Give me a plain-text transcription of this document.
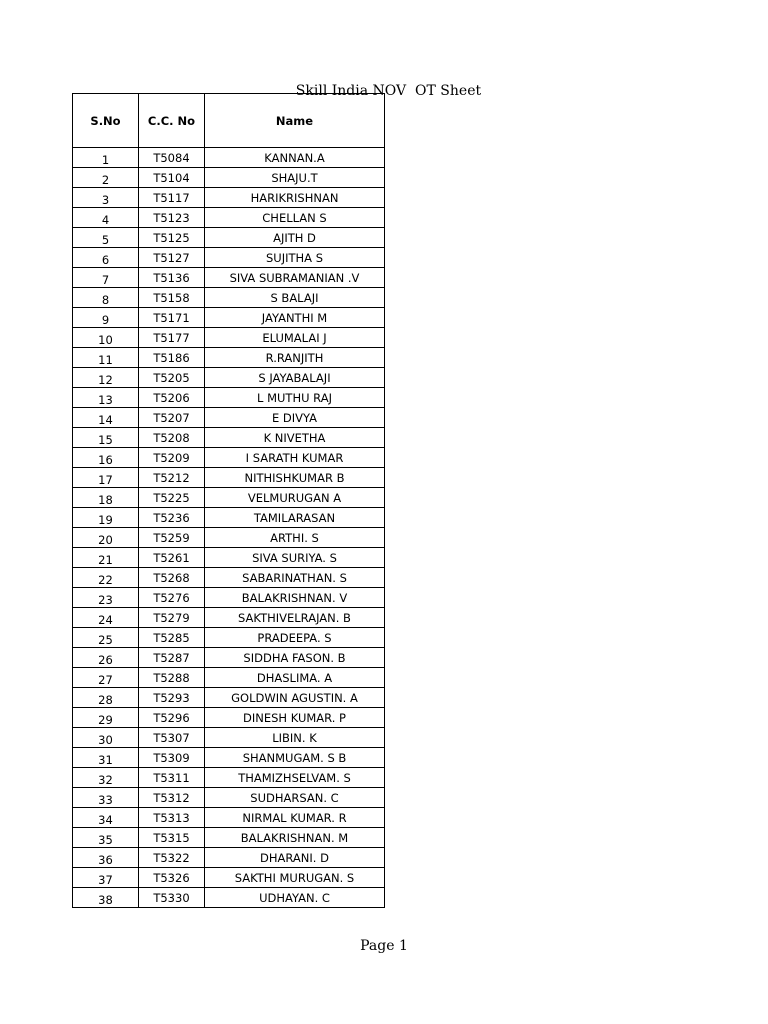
Skill India NOV  OT Sheet

S.No	C.C. No	Name
1	T5084	KANNAN.A
2	T5104	SHAJU.T
3	T5117	HARIKRISHNAN
4	T5123	CHELLAN S
5	T5125	AJITH D
6	T5127	SUJITHA S
7	T5136	SIVA SUBRAMANIAN .V
8	T5158	S BALAJI
9	T5171	JAYANTHI M
10	T5177	ELUMALAI J
11	T5186	R.RANJITH
12	T5205	S JAYABALAJI
13	T5206	L MUTHU RAJ
14	T5207	E DIVYA
15	T5208	K NIVETHA
16	T5209	I SARATH KUMAR
17	T5212	NITHISHKUMAR B
18	T5225	VELMURUGAN A
19	T5236	TAMILARASAN
20	T5259	ARTHI. S
21	T5261	SIVA SURIYA. S
22	T5268	SABARINATHAN. S
23	T5276	BALAKRISHNAN. V
24	T5279	SAKTHIVELRAJAN. B
25	T5285	PRADEEPA. S
26	T5287	SIDDHA FASON. B
27	T5288	DHASLIMA. A
28	T5293	GOLDWIN AGUSTIN. A
29	T5296	DINESH KUMAR. P
30	T5307	LIBIN. K
31	T5309	SHANMUGAM. S B
32	T5311	THAMIZHSELVAM. S
33	T5312	SUDHARSAN. C
34	T5313	NIRMAL KUMAR. R
35	T5315	BALAKRISHNAN. M
36	T5322	DHARANI. D
37	T5326	SAKTHI MURUGAN. S
38	T5330	UDHAYAN. C
Page 1
